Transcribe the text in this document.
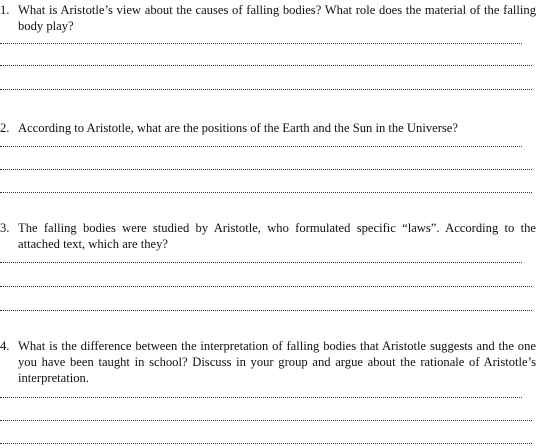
1. What is Aristotle’s view about the causes of falling bodies? What role does the material of the falling body play?

2. According to Aristotle, what are the positions of the Earth and the Sun in the Universe?

3. The falling bodies were studied by Aristotle, who formulated specific “laws”. According to the attached text, which are they?

4. What is the difference between the interpretation of falling bodies that Aristotle suggests and the one you have been taught in school? Discuss in your group and argue about the rationale of Aristotle’s interpretation.
